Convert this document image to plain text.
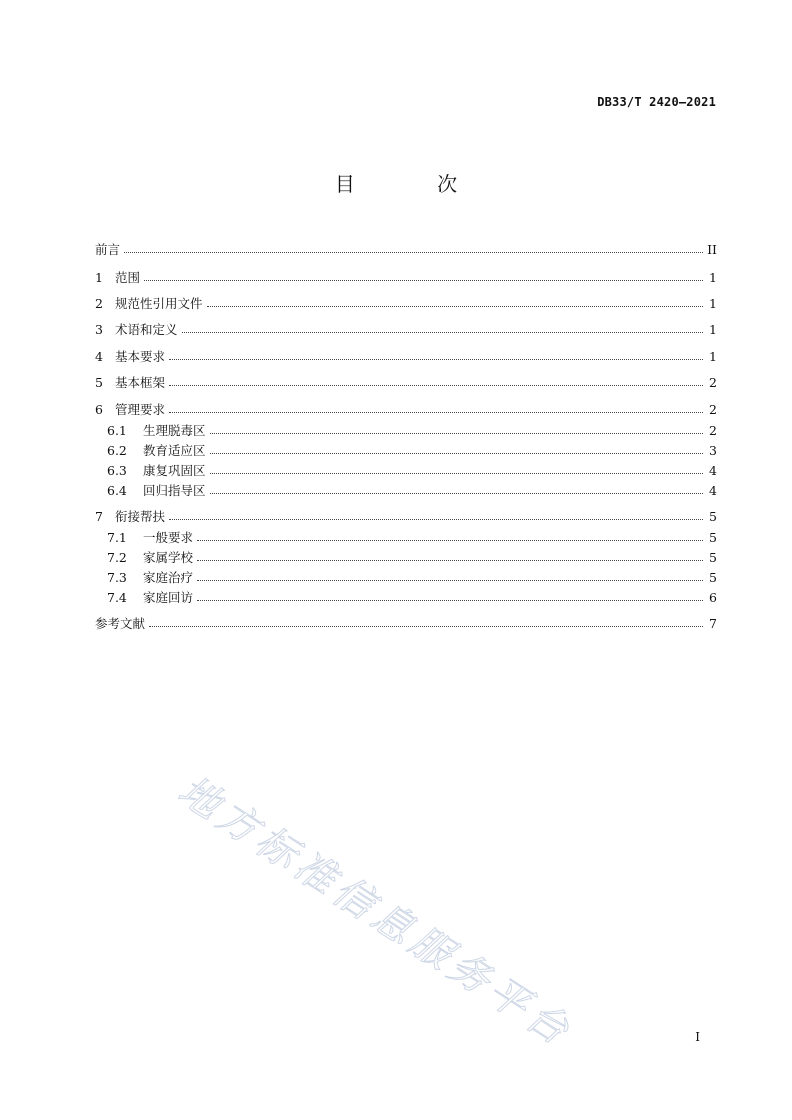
DB33/T 2420—2021
目 次
前言	II
1 范围	1
2 规范性引用文件	1
3 术语和定义	1
4 基本要求	1
5 基本框架	2
6 管理要求	2
6.1	生理脱毒区	2
6.2	教育适应区	3
6.3	康复巩固区	4
6.4	回归指导区	4
7 衔接帮扶	5
7.1	一般要求	5
7.2	家属学校	5
7.3	家庭治疗	5
7.4	家庭回访	6
参考文献	7
地方标准信息服务平台	I
